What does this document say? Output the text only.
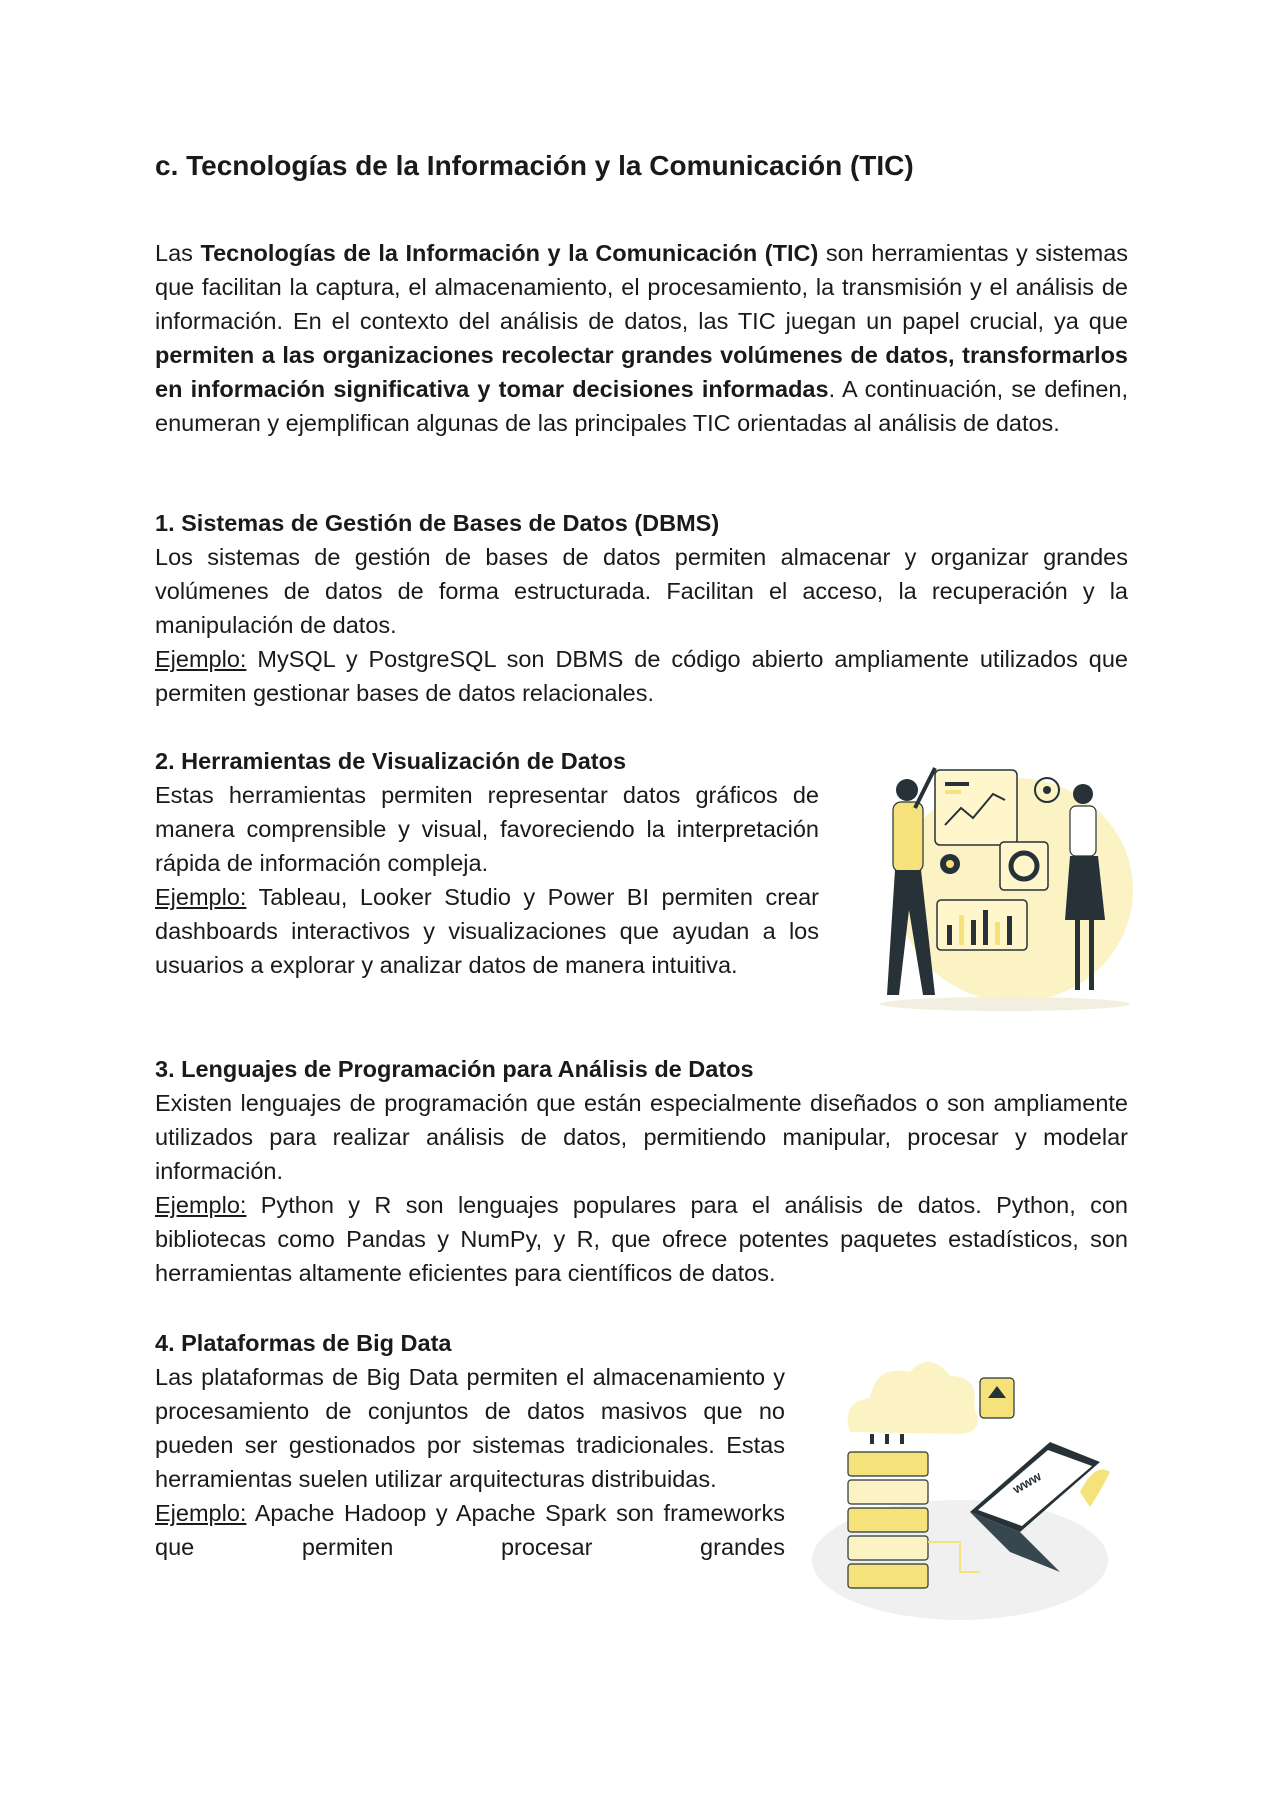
c. Tecnologías de la Información y la Comunicación (TIC)

Las Tecnologías de la Información y la Comunicación (TIC) son herramientas y sistemas que facilitan la captura, el almacenamiento, el procesamiento, la transmisión y el análisis de información. En el contexto del análisis de datos, las TIC juegan un papel crucial, ya que permiten a las organizaciones recolectar grandes volúmenes de datos, transformarlos en información significativa y tomar decisiones informadas. A continuación, se definen, enumeran y ejemplifican algunas de las principales TIC orientadas al análisis de datos.

1. Sistemas de Gestión de Bases de Datos (DBMS)

Los sistemas de gestión de bases de datos permiten almacenar y organizar grandes volúmenes de datos de forma estructurada. Facilitan el acceso, la recuperación y la manipulación de datos.

Ejemplo: MySQL y PostgreSQL son DBMS de código abierto ampliamente utilizados que permiten gestionar bases de datos relacionales.

2. Herramientas de Visualización de Datos

Estas herramientas permiten representar datos gráficos de manera comprensible y visual, favoreciendo la interpretación rápida de información compleja.

Ejemplo: Tableau, Looker Studio y Power BI permiten crear dashboards interactivos y visualizaciones que ayudan a los usuarios a explorar y analizar datos de manera intuitiva.

3. Lenguajes de Programación para Análisis de Datos

Existen lenguajes de programación que están especialmente diseñados o son ampliamente utilizados para realizar análisis de datos, permitiendo manipular, procesar y modelar información.

Ejemplo: Python y R son lenguajes populares para el análisis de datos. Python, con bibliotecas como Pandas y NumPy, y R, que ofrece potentes paquetes estadísticos, son herramientas altamente eficientes para científicos de datos.

4. Plataformas de Big Data

Las plataformas de Big Data permiten el almacenamiento y procesamiento de conjuntos de datos masivos que no pueden ser gestionados por sistemas tradicionales. Estas herramientas suelen utilizar arquitecturas distribuidas.

Ejemplo: Apache Hadoop y Apache Spark son frameworks que permiten procesar grandes

www
